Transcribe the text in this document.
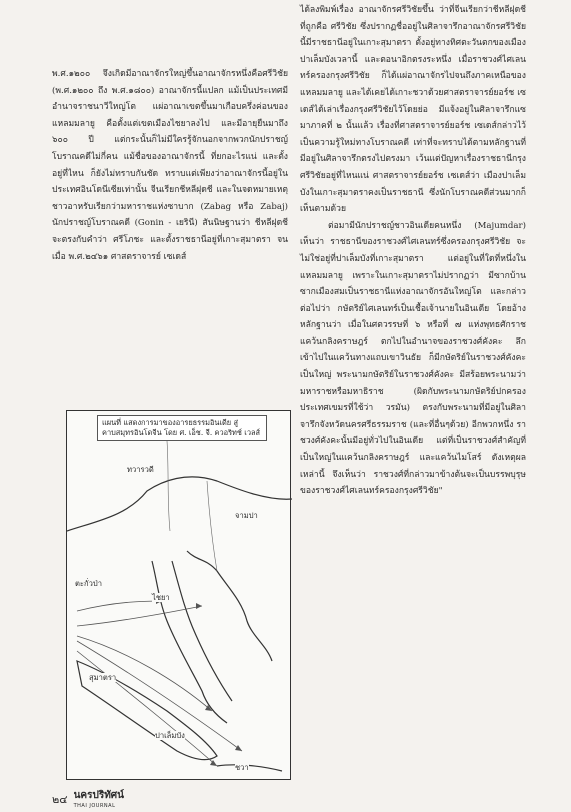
พ.ศ.๑๒๐๐ จึงเกิดมีอาณาจักรใหญ่ขึ้นอาณาจักรหนึ่งคือศรีวิชัย (พ.ศ.๑๒๐๐ ถึง พ.ศ.๑๘๐๐) อาณาจักรนี้แปลก แม้เป็นประเทศมีอำนาจราชนาวีใหญ่โต แผ่อาณาเขตขึ้นมาเกือบครึ่งค่อนของแหลมมลายู คือตั้งแต่เขตเมืองไชยาลงไป และมีอายุยืนมาถึง ๖๐๐ ปี แต่กระนั้นก็ไม่มีใครรู้จักนอกจากพวกนักปราชญ์โบราณคดีไม่กี่คน แม้ชื่อของอาณาจักรนี้ ที่ยกอะไรแน่ และตั้งอยู่ที่ไหน ก็ยังไม่ทราบกันชัด ทราบแต่เพียงว่าอาณาจักรนี้อยู่ในประเทศอินโดนีเซียเท่านั้น จีนเรียกชีหลีฝุดชี และในจดหมายเหตุชาวอาหรับเรียกว่ามหาราชแห่งซาบาก (Zabag หรือ Zabaj) นักปราชญ์โบราณคดี (Gonin - เยรินี) สันนิษฐานว่า ชีหลีฝุดชีจะตรงกับคำว่า ศรีโภชะ และตั้งราชธานีอยู่ที่เกาะสุมาตรา จนเมื่อ พ.ศ.๒๔๖๑ ศาสตราจารย์ เซเดส์

ได้ลงพิมพ์เรื่อง อาณาจักรศรีวิชัยขึ้น ว่าที่จีนเรียกว่าชีหลีฝุดชี ที่ถูกคือ ศรีวิชัย ซึ่งปรากฏชื่ออยู่ในศิลาจารึกอาณาจักรศรีวิชัยนี้มีราชธานีอยู่ในเกาะสุมาตรา ตั้งอยู่ทางทิศตะวันตกของเมืองปาเล็มบังเวลานี้ และตอนาอิกตรงระหนึ่ง เมื่อราชวงศ์ไศเลนทร์ครองกรุงศรีวิชัย ก็ได้แผ่อาณาจักรไปจนถึงภาคเหนือของแหลมมลายู และได้เคยได้เกาะชวาด้วยศาสตราจารย์ยอร์ช เซเดส์ได้เล่าเรื่องกรุงศรีวิชัยไว้โดยย่อ มีแจ้งอยู่ในศิลาจารึกแซมาภาคที่ ๒ นั้นแล้ว เรื่องที่ศาสตราจารย์ยอร์ช เซเดส์กล่าวไว้ เป็นความรู้ใหม่ทางโบราณคดี เท่าที่จะทราบได้ตามหลักฐานที่มีอยู่ในศิลาจารึกตรงไปตรงมา เว้นแต่ปัญหาเรื่องราชธานีกรุงศรีวิชัยอยู่ที่ไหนแน่ ศาสตราจารย์ยอร์ช เซเดส์ว่า เมืองปาเล็มบังในเกาะสุมาตราคงเป็นราชธานี ซึ่งนักโบราณคดีส่วนมากก็เห็นตามด้วย

ต่อมามีนักปราชญ์ชาวอินเดียคนหนึ่ง (Majumdar) เห็นว่า ราชธานีของราชวงศ์ไศเลนทร์ซึ่งครองกรุงศรีวิชัย จะไม่ใช่อยู่ที่ปาเล็มบังที่เกาะสุมาตรา แต่อยู่ในที่ใดที่หนึ่งในแหลมมลายู เพราะในเกาะสุมาตราไม่ปรากฏว่า มีซากบ้านซากเมืองสมเป็นราชธานีแห่งอาณาจักรอันใหญ่โต และกล่าวต่อไปว่า กษัตริย์ไศเลนทร์เป็นเชื้อเจ้านายในอินเดีย โดยอ้างหลักฐานว่า เมื่อในศตวรรษที่ ๖ หรือที่ ๗ แห่งพุทธศักราช แคว้นกลิงคราษฎร์ ตกไปในอำนาจของราชวงศ์คังคะ ลึกเข้าไปในแคว้นทางแถบเขาวินธัย ก็มีกษัตริย์ในราชวงศ์คังคะเป็นใหญ่ พระนามกษัตริย์ในราชวงศ์คังคะ มีสร้อยพระนามว่า มหาราชหรือมหาธิราช (ผิดกับพระนามกษัตริย์ปกครองประเทศเขมรที่ใช้ว่า วรมัน) ตรงกับพระนามที่มีอยู่ในศิลาจารึกจังหวัดนครศรีธรรมราช (และที่อื่นๆด้วย) อีกพวกหนึ่ง ราชวงศ์คังคะนั้นมีอยู่ทั่วไปในอินเดีย แต่ที่เป็นราชวงศ์สำคัญที่เป็นใหญ่ในแคว้นกลิงคราษฎร์ และแคว้นไมโสร์ ดังเหตุผลเหล่านี้ จึงเห็นว่า ราชวงศ์ที่กล่าวมาข้างต้นจะเป็นบรรพบุรุษของราชวงศ์ไศเลนทร์ครองกรุงศรีวิชัย"

แผนที่ แสดงการมาของอารยธรรมอินเดีย สู่คาบสมุทรอินโดจีน โดย ศ. เอ็ช. จี. ควอริทช์ เวลส์
ทวารวดี
จามปา
ตะกั่วป่า
ไชยา
สุมาตรา
ปาเล็มบัง
ชวา
๒๔ นครปริทัศน์
THAI JOURNAL
